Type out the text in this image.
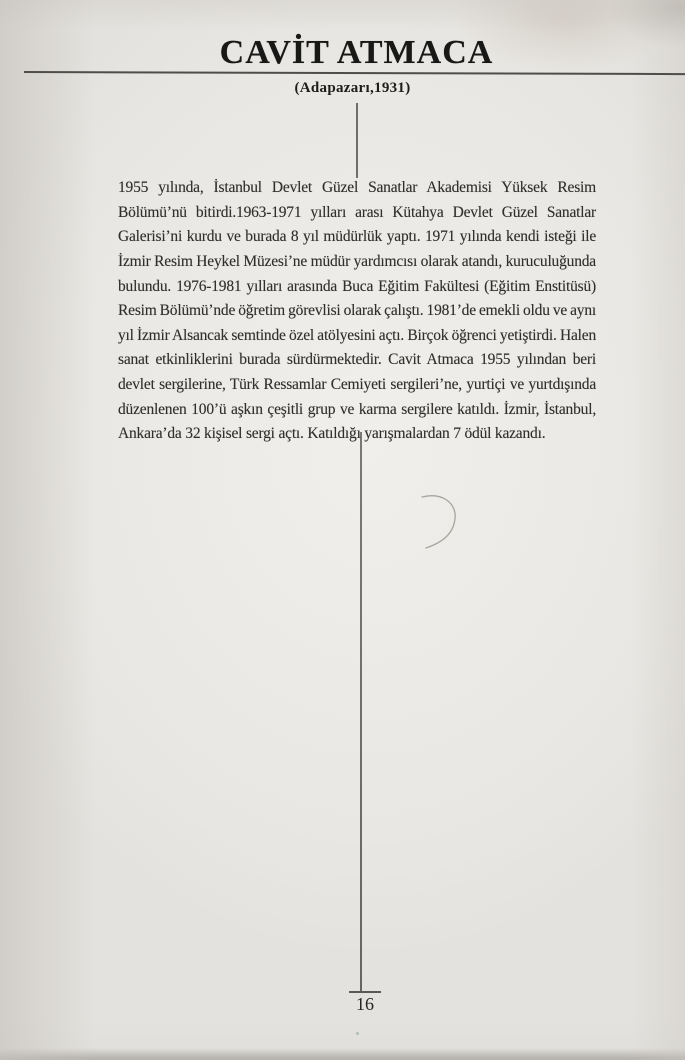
CAVİT ATMACA
(Adapazarı,1931)
1955 yılında, İstanbul Devlet Güzel Sanatlar Akademisi Yüksek Resim
Bölümü’nü bitirdi.1963-1971 yılları arası Kütahya Devlet Güzel Sanatlar
Galerisi’ni kurdu ve burada 8 yıl müdürlük yaptı. 1971 yılında kendi isteği ile
İzmir Resim Heykel Müzesi’ne müdür yardımcısı olarak atandı, kuruculuğunda
bulundu. 1976-1981 yılları arasında Buca Eğitim Fakültesi (Eğitim Enstitüsü)
Resim Bölümü’nde öğretim görevlisi olarak çalıştı. 1981’de emekli oldu ve aynı
yıl İzmir Alsancak semtinde özel atölyesini açtı. Birçok öğrenci yetiştirdi. Halen
sanat etkinliklerini burada sürdürmektedir. Cavit Atmaca 1955 yılından beri
devlet sergilerine, Türk Ressamlar Cemiyeti sergileri’ne, yurtiçi ve yurtdışında
düzenlenen 100’ü aşkın çeşitli grup ve karma sergilere katıldı. İzmir, İstanbul,
Ankara’da 32 kişisel sergi açtı. Katıldığı yarışmalardan 7 ödül kazandı.
16
